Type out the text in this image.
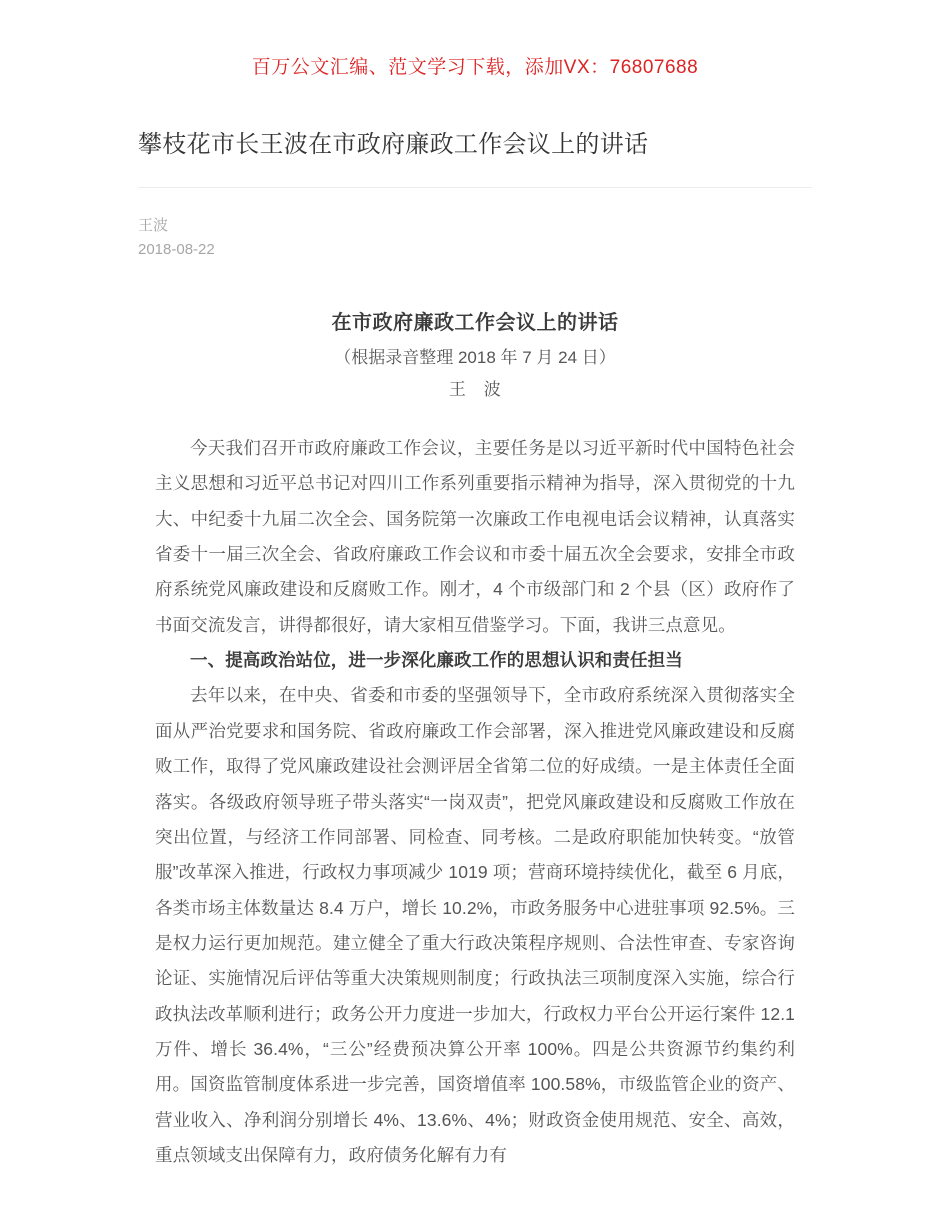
百万公文汇编、范文学习下载，添加VX：76807688
攀枝花市长王波在市政府廉政工作会议上的讲话
王波
2018-08-22
在市政府廉政工作会议上的讲话
（根据录音整理 2018 年 7 月 24 日）
王　波

今天我们召开市政府廉政工作会议，主要任务是以习近平新时代中国特色社会主义思想和习近平总书记对四川工作系列重要指示精神为指导，深入贯彻党的十九大、中纪委十九届二次全会、国务院第一次廉政工作电视电话会议精神，认真落实省委十一届三次全会、省政府廉政工作会议和市委十届五次全会要求，安排全市政府系统党风廉政建设和反腐败工作。刚才，4 个市级部门和 2 个县（区）政府作了书面交流发言，讲得都很好，请大家相互借鉴学习。下面，我讲三点意见。

一、提高政治站位，进一步深化廉政工作的思想认识和责任担当

去年以来，在中央、省委和市委的坚强领导下，全市政府系统深入贯彻落实全面从严治党要求和国务院、省政府廉政工作会部署，深入推进党风廉政建设和反腐败工作，取得了党风廉政建设社会测评居全省第二位的好成绩。一是主体责任全面落实。各级政府领导班子带头落实“一岗双责”，把党风廉政建设和反腐败工作放在突出位置，与经济工作同部署、同检查、同考核。二是政府职能加快转变。“放管服”改革深入推进，行政权力事项减少 1019 项；营商环境持续优化，截至 6 月底，各类市场主体数量达 8.4 万户，增长 10.2%，市政务服务中心进驻事项 92.5%。三是权力运行更加规范。建立健全了重大行政决策程序规则、合法性审查、专家咨询论证、实施情况后评估等重大决策规则制度；行政执法三项制度深入实施，综合行政执法改革顺利进行；政务公开力度进一步加大，行政权力平台公开运行案件 12.1 万件、增长 36.4%，“三公”经费预决算公开率 100%。四是公共资源节约集约利用。国资监管制度体系进一步完善，国资增值率 100.58%，市级监管企业的资产、营业收入、净利润分别增长 4%、13.6%、4%；财政资金使用规范、安全、高效，重点领域支出保障有力，政府债务化解有力有
